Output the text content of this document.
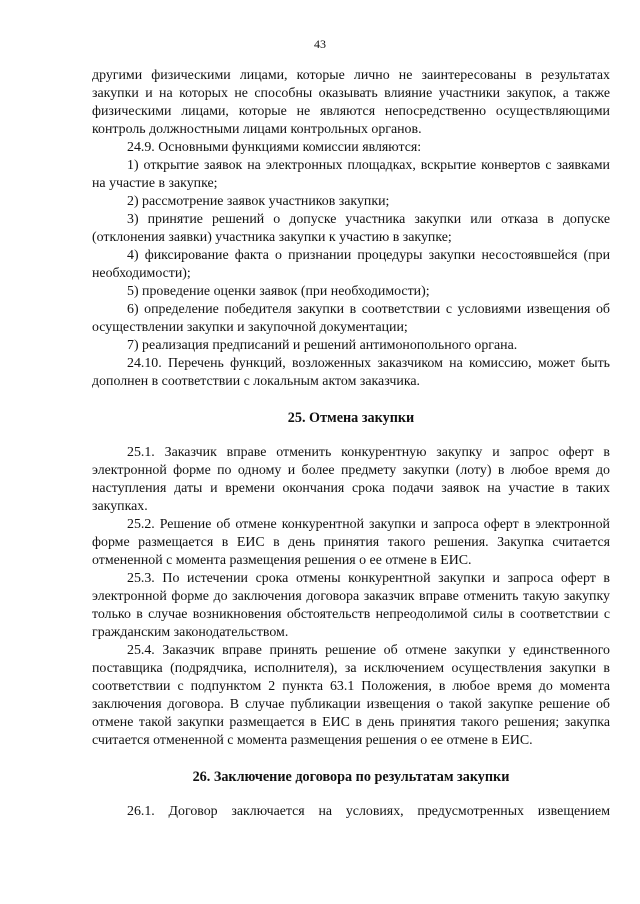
43

другими физическими лицами, которые лично не заинтересованы в результатах закупки и на которых не способны оказывать влияние участники закупок, а также физическими лицами, которые не являются непосредственно осуществляющими контроль должностными лицами контрольных органов.

24.9. Основными функциями комиссии являются:

1) открытие заявок на электронных площадках, вскрытие конвертов с заявками на участие в закупке;

2) рассмотрение заявок участников закупки;

3) принятие решений о допуске участника закупки или отказа в допуске (отклонения заявки) участника закупки к участию в закупке;

4) фиксирование факта о признании процедуры закупки несостоявшейся (при необходимости);

5) проведение оценки заявок (при необходимости);

6) определение победителя закупки в соответствии с условиями извещения об осуществлении закупки и закупочной документации;

7) реализация предписаний и решений антимонопольного органа.

24.10. Перечень функций, возложенных заказчиком на комиссию, может быть дополнен в соответствии с локальным актом заказчика.

25. Отмена закупки

25.1. Заказчик вправе отменить конкурентную закупку и запрос оферт в электронной форме по одному и более предмету закупки (лоту) в любое время до наступления даты и времени окончания срока подачи заявок на участие в таких закупках.

25.2. Решение об отмене конкурентной закупки и запроса оферт в электронной форме размещается в ЕИС в день принятия такого решения. Закупка считается отмененной с момента размещения решения о ее отмене в ЕИС.

25.3. По истечении срока отмены конкурентной закупки и запроса оферт в электронной форме до заключения договора заказчик вправе отменить такую закупку только в случае возникновения обстоятельств непреодолимой силы в соответствии с гражданским законодательством.

25.4. Заказчик вправе принять решение об отмене закупки у единственного поставщика (подрядчика, исполнителя), за исключением осуществления закупки в соответствии с подпунктом 2 пункта 63.1 Положения, в любое время до момента заключения договора. В случае публикации извещения о такой закупке решение об отмене такой закупки размещается в ЕИС в день принятия такого решения; закупка считается отмененной с момента размещения решения о ее отмене в ЕИС.

26. Заключение договора по результатам закупки

26.1. Договор заключается на условиях, предусмотренных извещением
